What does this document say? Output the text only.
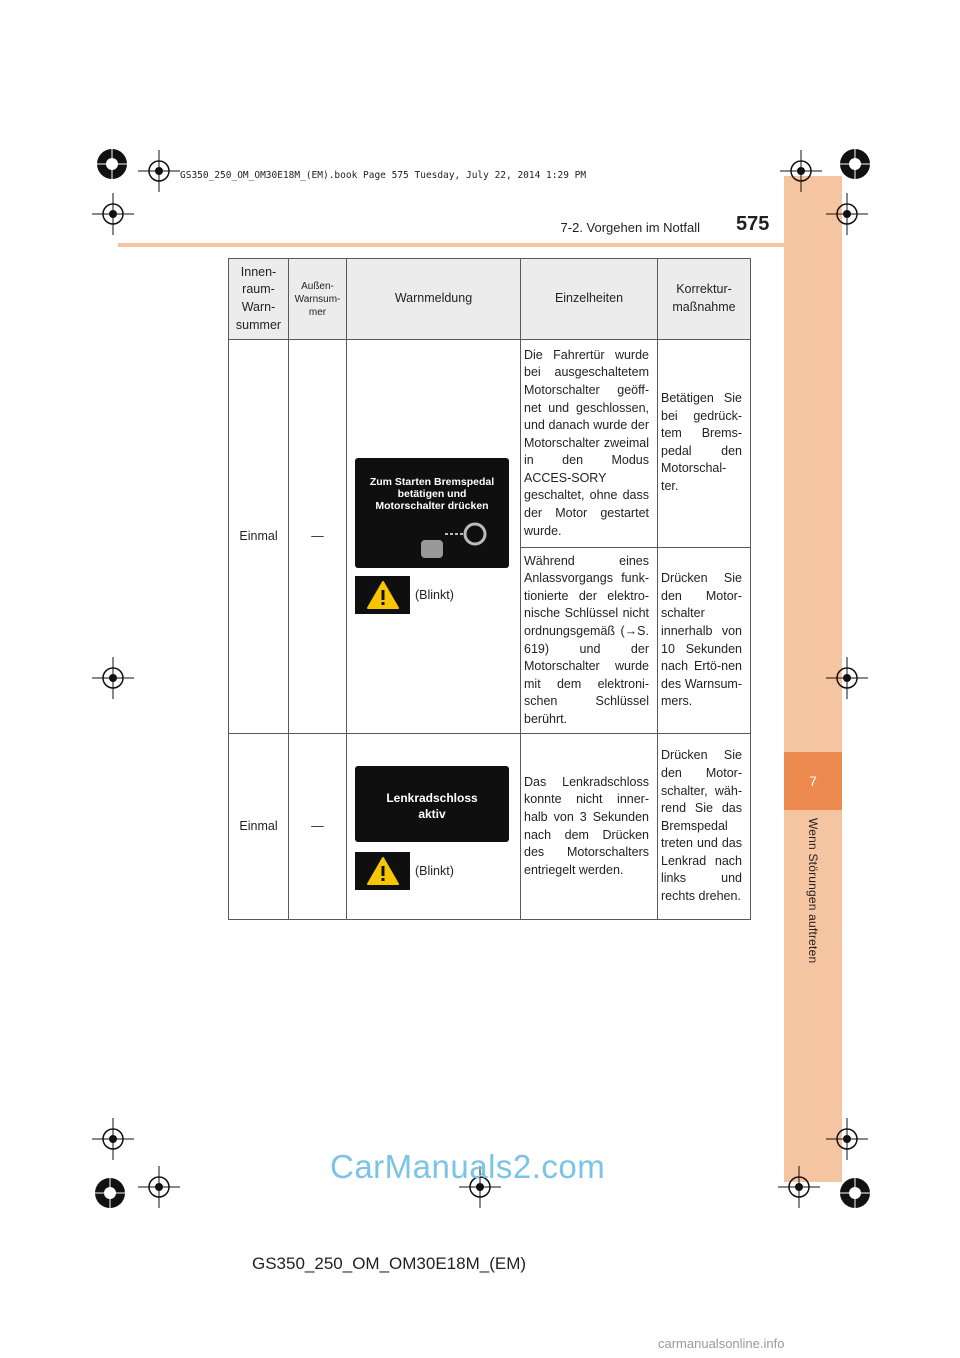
7
Wenn Störungen auftreten
GS350_250_OM_OM30E18M_(EM).book Page 575 Tuesday, July 22, 2014 1:29 PM
7-2. Vorgehen im Notfall 575
Innen-
raum-
Warn-
summer	Außen-
Warnsum-
mer	Warnmeldung	Einzelheiten	Korrektur-
maßnahme
Einmal	—	Zum Starten Bremspedal
betätigen und
Motorschalter drücken
(Blinkt)	Die Fahrertür wurde bei ausgeschaltetem Motorschalter geöff-net und geschlossen, und danach wurde der Motorschalter zweimal in den Modus ACCES-SORY geschaltet, ohne dass der Motor gestartet wurde.	Betätigen Sie bei gedrück-tem Brems-pedal den Motorschal-ter.
			Während eines Anlassvorgangs funk-tionierte der elektro-nische Schlüssel nicht ordnungsgemäß (→S. 619) und der Motorschalter wurde mit dem elektroni-schen Schlüssel berührt.	Drücken Sie den Motor-schalter innerhalb von 10 Sekunden nach Ertö-nen des Warnsum-mers.
Einmal	—	Lenkradschloss
aktiv
(Blinkt)	Das Lenkradschloss konnte nicht inner-halb von 3 Sekunden nach dem Drücken des Motorschalters entriegelt werden.	Drücken Sie den Motor-schalter, wäh-rend Sie das Bremspedal treten und das Lenkrad nach links und rechts drehen.
CarManuals2.com
GS350_250_OM_OM30E18M_(EM)
carmanualsonline.info
